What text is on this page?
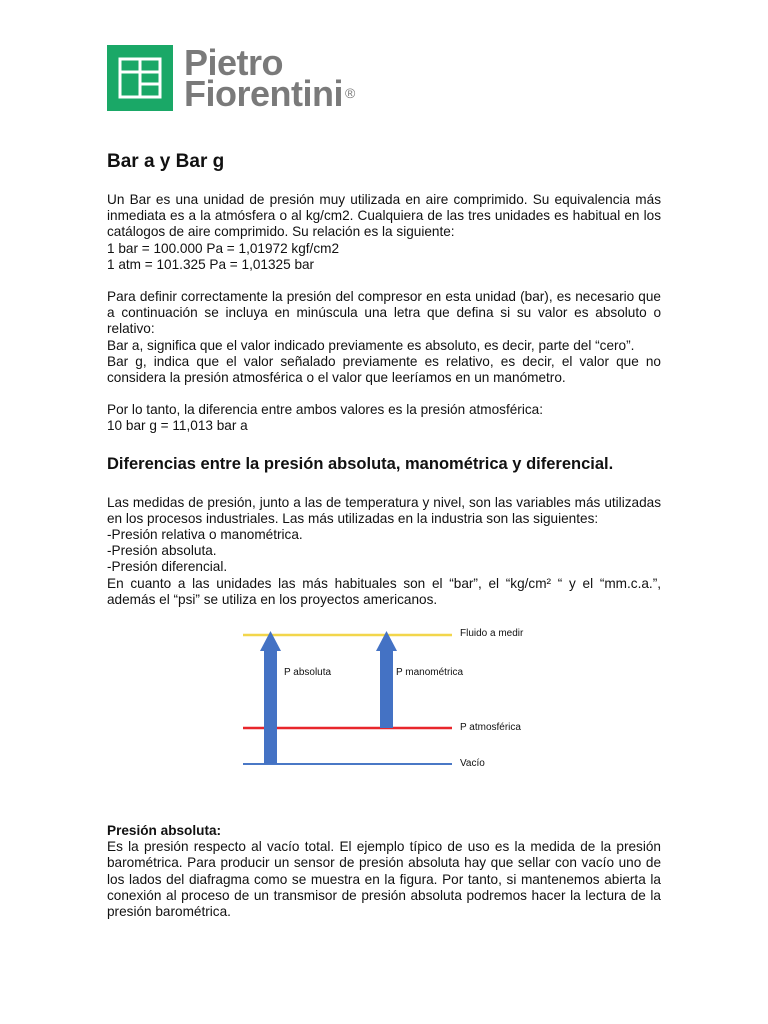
Pietro
Fiorentini ®
Bar a y Bar g

Un Bar es una unidad de presión muy utilizada en aire comprimido. Su equivalencia más inmediata es a la atmósfera o al kg/cm2. Cualquiera de las tres unidades es habitual en los catálogos de aire comprimido. Su relación es la siguiente:

1 bar = 100.000 Pa = 1,01972 kgf/cm2

1 atm = 101.325 Pa = 1,01325 bar

Para definir correctamente la presión del compresor en esta unidad (bar), es necesario que a continuación se incluya en minúscula una letra que defina si su valor es absoluto o relativo:

Bar a, significa que el valor indicado previamente es absoluto, es decir, parte del “cero”.

Bar g, indica que el valor señalado previamente es relativo, es decir, el valor que no considera la presión atmosférica o el valor que leeríamos en un manómetro.

Por lo tanto, la diferencia entre ambos valores es la presión atmosférica:

10 bar g = 11,013 bar a

Diferencias entre la presión absoluta, manométrica y diferencial.

Las medidas de presión, junto a las de temperatura y nivel, son las variables más utilizadas en los procesos industriales. Las más utilizadas en la industria son las siguientes:

-Presión relativa o manométrica.

-Presión absoluta.

-Presión diferencial.

En cuanto a las unidades las más habituales son el “bar”, el “kg/cm² “ y el “mm.c.a.”, además el “psi” se utiliza en los proyectos americanos.

Fluido a medir
P absoluta	P manométrica
P atmosférica
Vacío

Presión absoluta:

Es la presión respecto al vacío total. El ejemplo típico de uso es la medida de la presión barométrica. Para producir un sensor de presión absoluta hay que sellar con vacío uno de los lados del diafragma como se muestra en la figura. Por tanto, si mantenemos abierta la conexión al proceso de un transmisor de presión absoluta podremos hacer la lectura de la presión barométrica.
